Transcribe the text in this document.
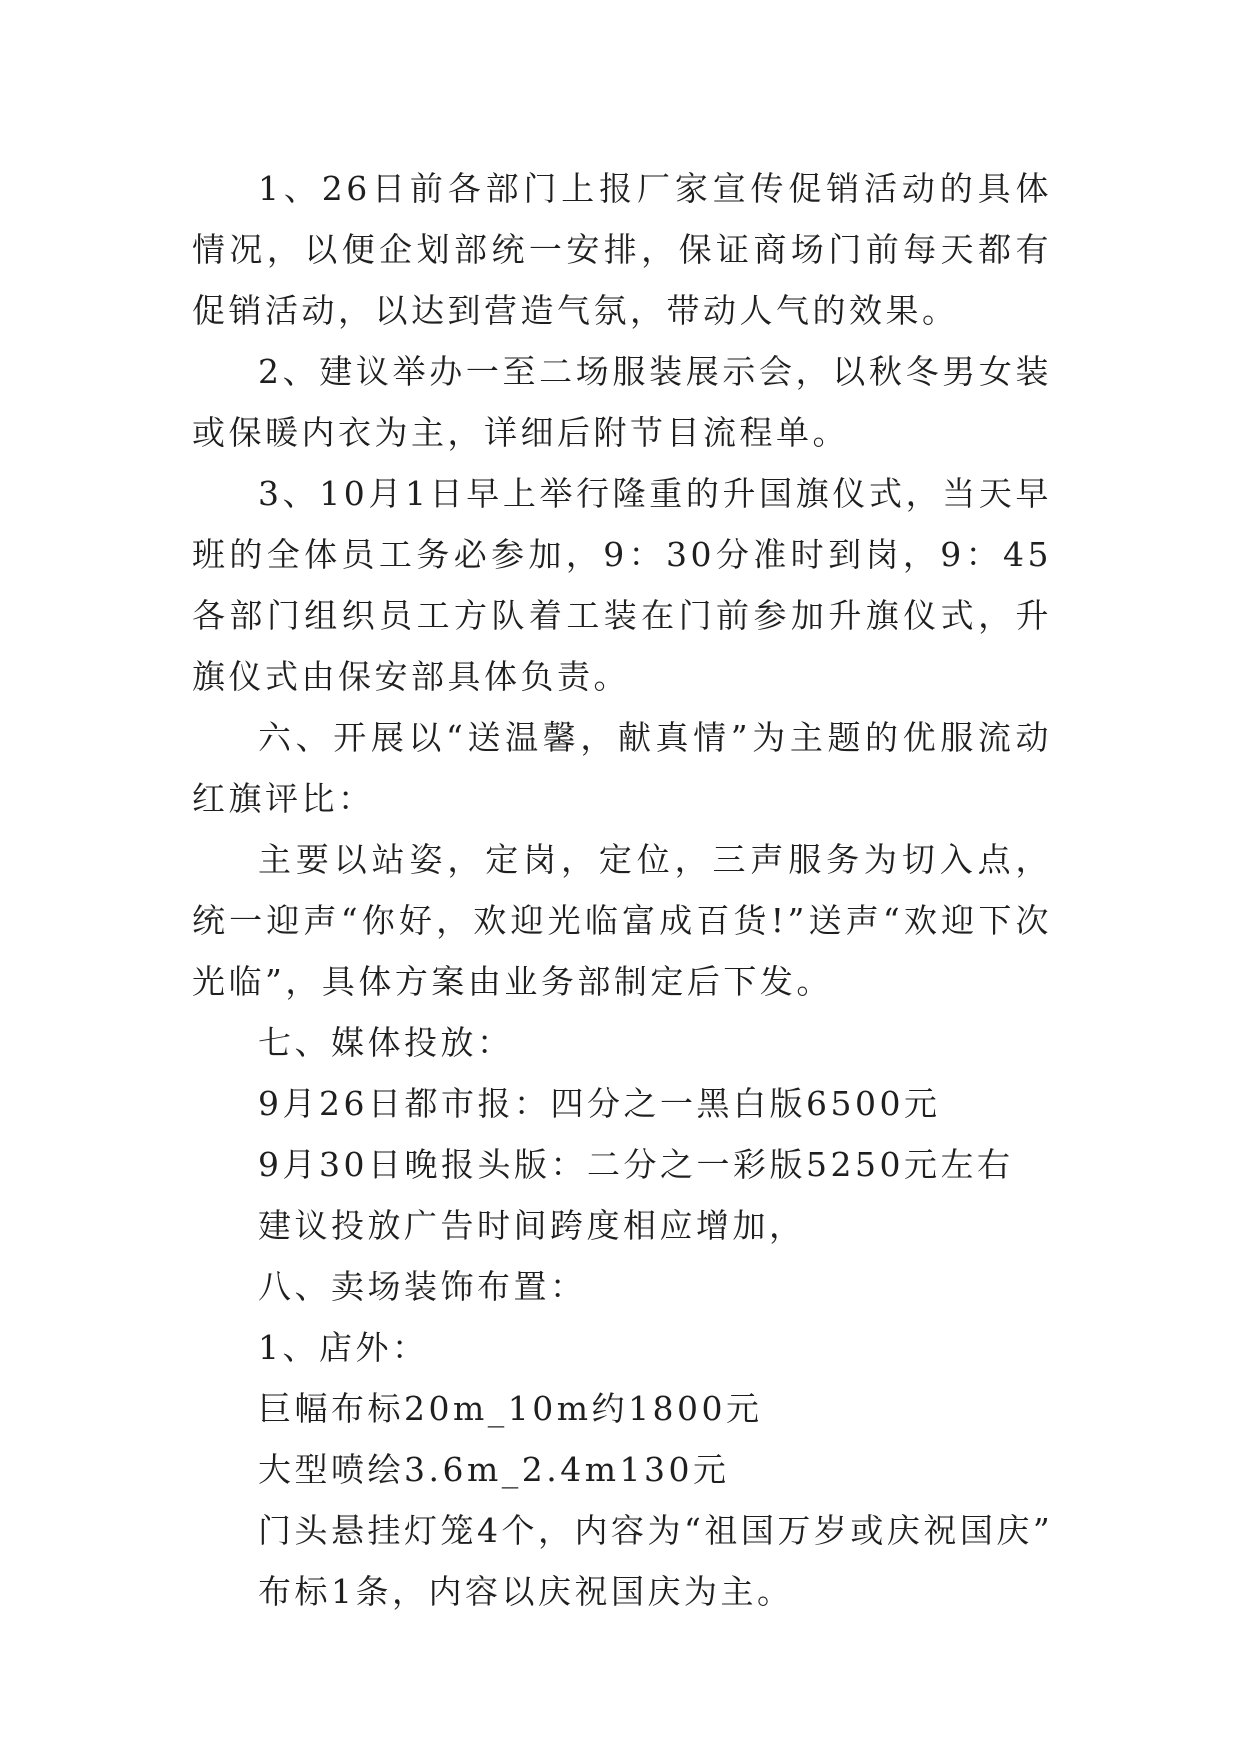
1、26日前各部门上报厂家宣传促销活动的具体情况，以便企划部统一安排，保证商场门前每天都有促销活动，以达到营造气氛，带动人气的效果。

2、建议举办一至二场服装展示会，以秋冬男女装或保暖内衣为主，详细后附节目流程单。

3、10月1日早上举行隆重的升国旗仪式，当天早班的全体员工务必参加，9：30分准时到岗，9：45各部门组织员工方队着工装在门前参加升旗仪式，升旗仪式由保安部具体负责。

六、开展以“送温馨，献真情”为主题的优服流动红旗评比：

主要以站姿，定岗，定位，三声服务为切入点，统一迎声“你好，欢迎光临富成百货!”送声“欢迎下次光临”，具体方案由业务部制定后下发。

七、媒体投放：

9月26日都市报：四分之一黑白版6500元

9月30日晚报头版：二分之一彩版5250元左右

建议投放广告时间跨度相应增加，

八、卖场装饰布置：

1、店外：

巨幅布标20m_10m约1800元

大型喷绘3.6m_2.4m130元

门头悬挂灯笼4个，内容为“祖国万岁或庆祝国庆”

布标1条，内容以庆祝国庆为主。
